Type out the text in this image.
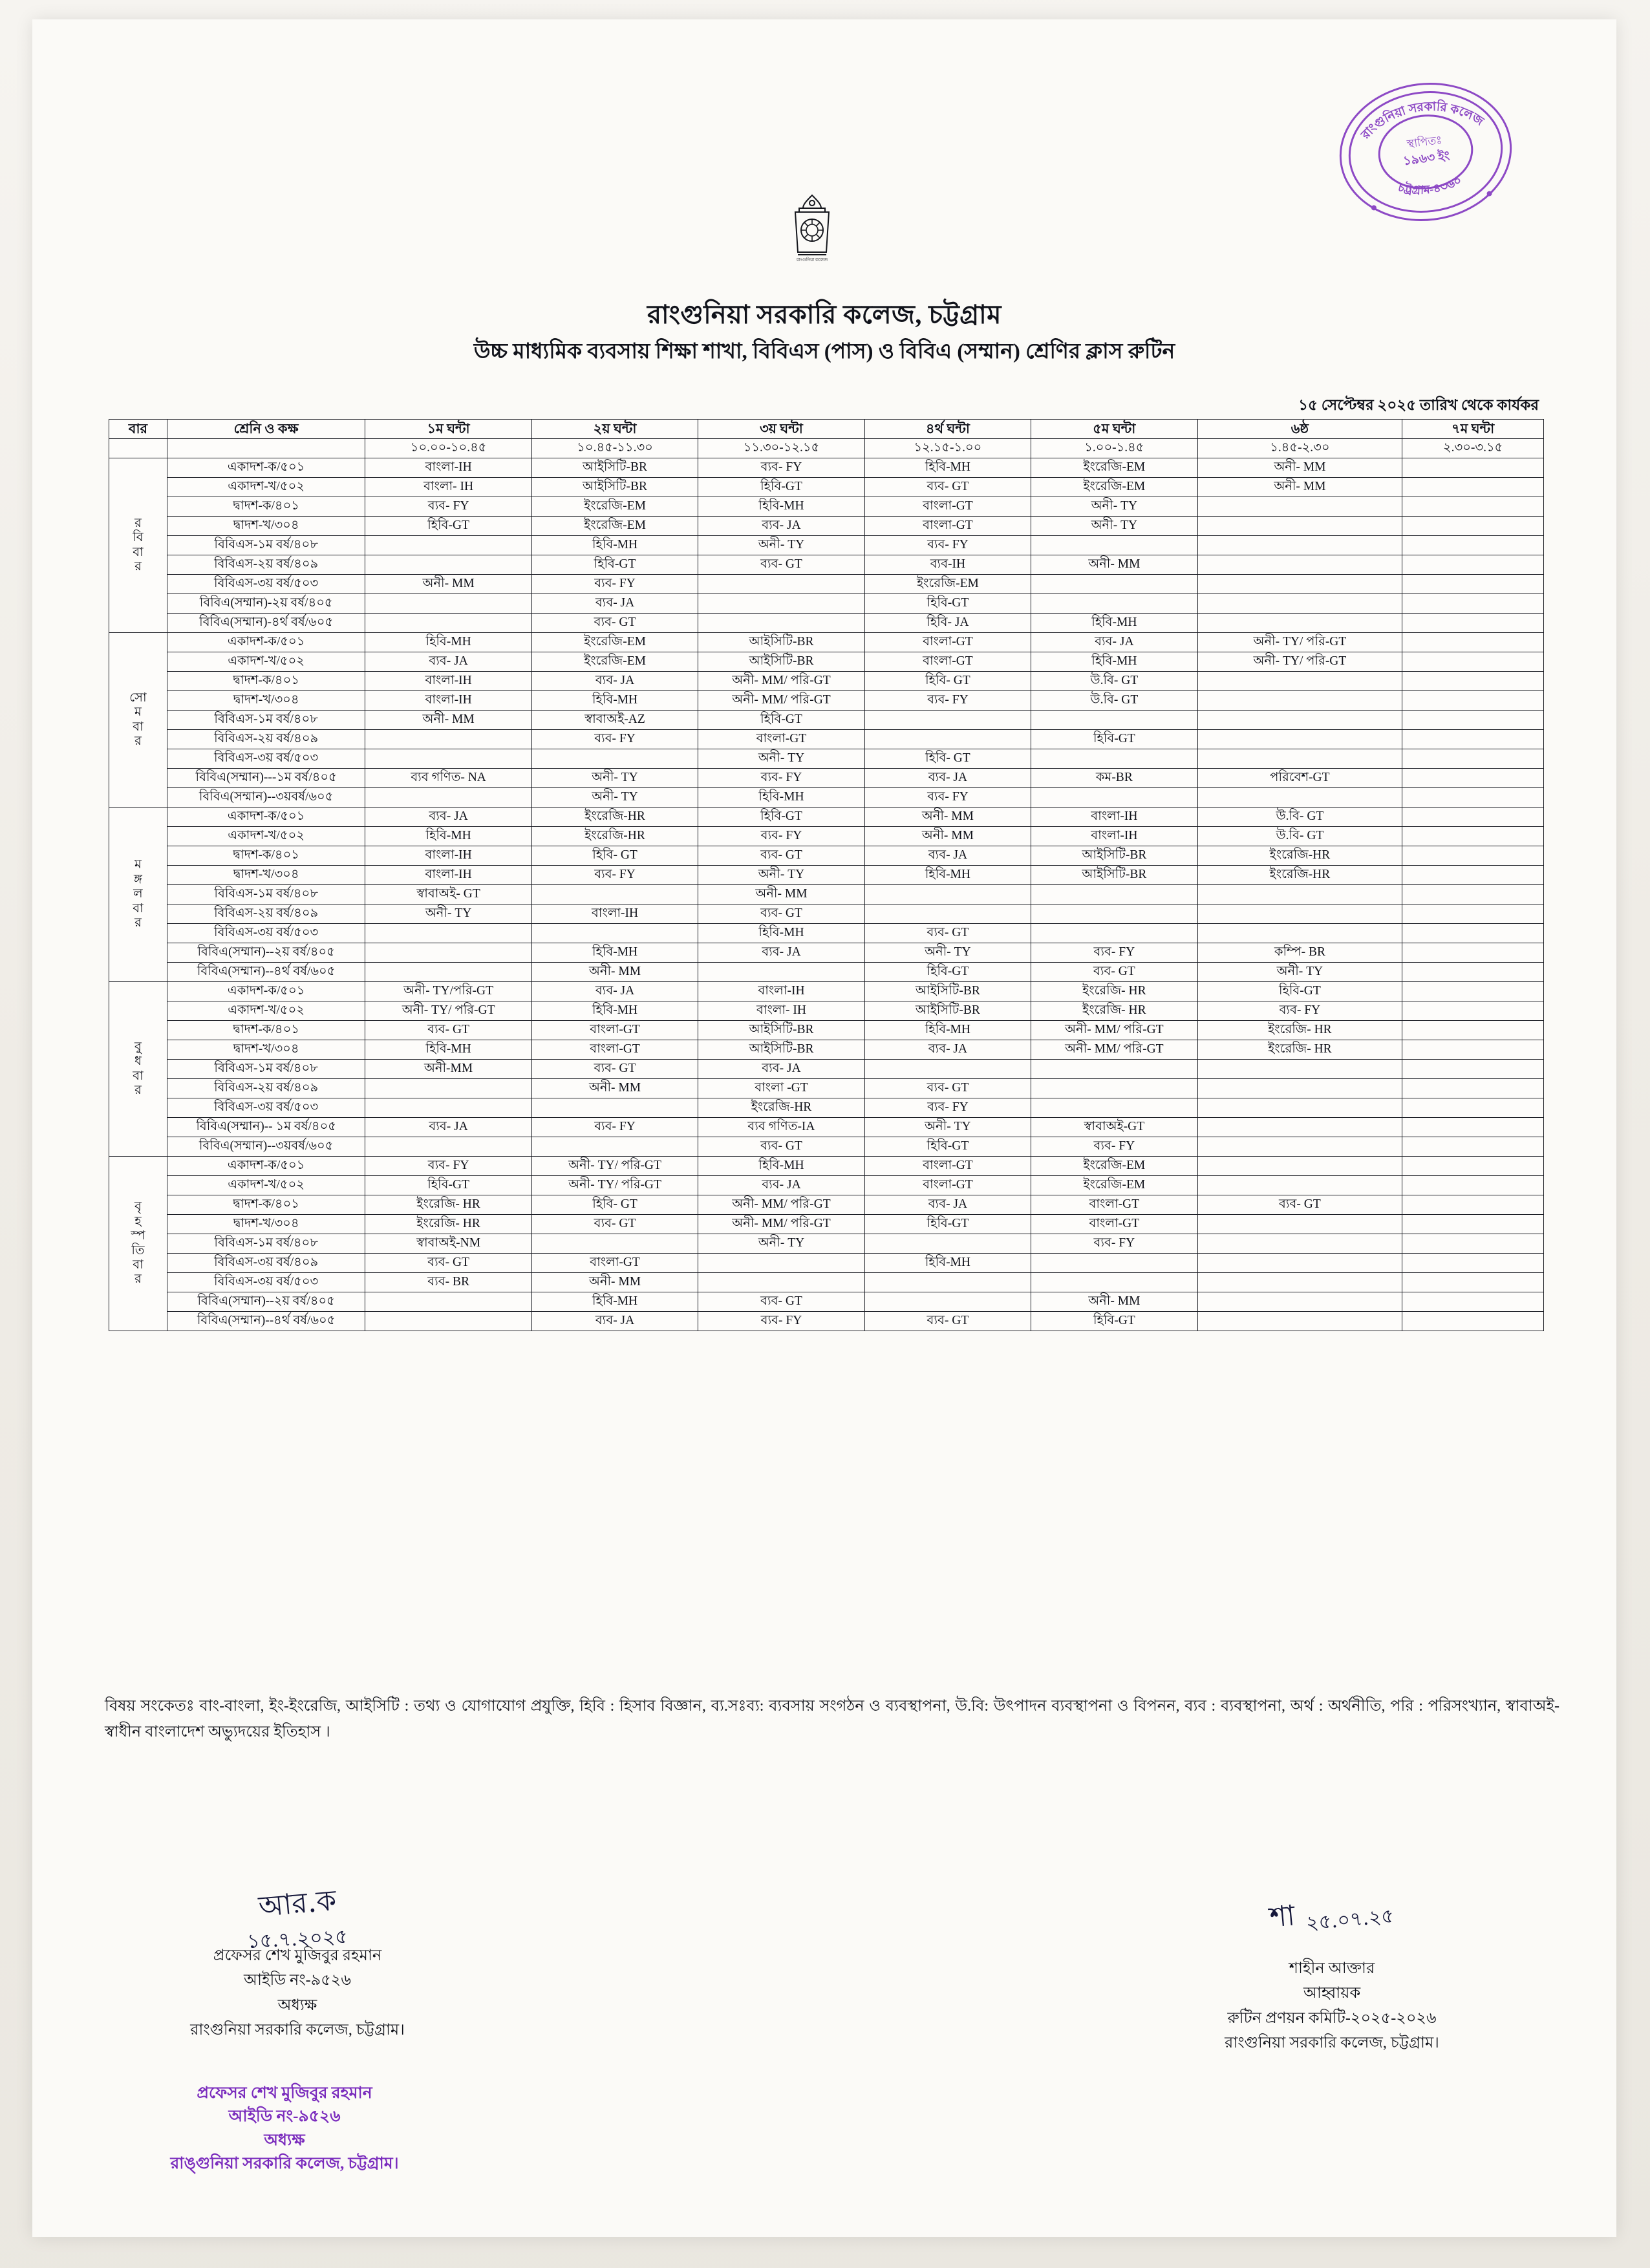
রাংগুনিয়া কলেজ
রাংগুনিয়া সরকারি কলেজ
চট্রগ্রাম-৪৩৬০
স্থাপিতঃ
১৯৬৩ ইং
রাংগুনিয়া সরকারি কলেজ, চট্টগ্রাম
উচ্চ মাধ্যমিক ব্যবসায় শিক্ষা শাখা, বিবিএস (পাস) ও বিবিএ (সম্মান) শ্রেণির ক্লাস রুটিন
১৫ সেপ্টেম্বর ২০২৫ তারিখ থেকে কার্যকর
বার	শ্রেনি ও কক্ষ	১ম ঘন্টা	২য় ঘন্টা	৩য় ঘন্টা	৪র্থ ঘন্টা	৫ম ঘন্টা	৬ষ্ঠ	৭ম ঘন্টা
		১০.০০-১০.৪৫	১০.৪৫-১১.৩০	১১.৩০-১২.১৫	১২.১৫-১.০০	১.০০-১.৪৫	১.৪৫-২.৩০	২.৩০-৩.১৫

র
বি
বা
র	একাদশ-ক/৫০১	বাংলা-IH	আইসিটি-BR	ব্যব- FY	হিবি-MH	ইংরেজি-EM	অনী- MM	
	একাদশ-খ/৫০২	বাংলা- IH	আইসিটি-BR	হিবি-GT	ব্যব- GT	ইংরেজি-EM	অনী- MM	
	দ্বাদশ-ক/৪০১	ব্যব- FY	ইংরেজি-EM	হিবি-MH	বাংলা-GT	অনী- TY		
	দ্বাদশ-খ/৩০৪	হিবি-GT	ইংরেজি-EM	ব্যব- JA	বাংলা-GT	অনী- TY		
	বিবিএস-১ম বর্ষ/৪০৮		হিবি-MH	অনী- TY	ব্যব- FY			
	বিবিএস-২য় বর্ষ/৪০৯		হিবি-GT	ব্যব- GT	ব্যব-IH	অনী- MM		
	বিবিএস-৩য় বর্ষ/৫০৩	অনী- MM	ব্যব- FY		ইংরেজি-EM			
	বিবিএ(সম্মান)-২য় বর্ষ/৪০৫		ব্যব- JA		হিবি-GT			
	বিবিএ(সম্মান)-৪র্থ বর্ষ/৬০৫		ব্যব- GT		হিবি- JA	হিবি-MH		

সো
ম
বা
র	একাদশ-ক/৫০১	হিবি-MH	ইংরেজি-EM	আইসিটি-BR	বাংলা-GT	ব্যব- JA	অনী- TY/ পরি-GT	
	একাদশ-খ/৫০২	ব্যব- JA	ইংরেজি-EM	আইসিটি-BR	বাংলা-GT	হিবি-MH	অনী- TY/ পরি-GT	
	দ্বাদশ-ক/৪০১	বাংলা-IH	ব্যব- JA	অনী- MM/ পরি-GT	হিবি- GT	উ.বি- GT		
	দ্বাদশ-খ/৩০৪	বাংলা-IH	হিবি-MH	অনী- MM/ পরি-GT	ব্যব- FY	উ.বি- GT		
	বিবিএস-১ম বর্ষ/৪০৮	অনী- MM	স্বাবাঅই-AZ	হিবি-GT				
	বিবিএস-২য় বর্ষ/৪০৯		ব্যব- FY	বাংলা-GT		হিবি-GT		
	বিবিএস-৩য় বর্ষ/৫০৩			অনী- TY	হিবি- GT			
	বিবিএ(সম্মান)---১ম বর্ষ/৪০৫	ব্যব গণিত- NA	অনী- TY	ব্যব- FY	ব্যব- JA	কম-BR	পরিবেশ-GT	
	বিবিএ(সম্মান)--৩য়বর্ষ/৬০৫		অনী- TY	হিবি-MH	ব্যব- FY			

ম
ঙ্গ
ল
বা
র	একাদশ-ক/৫০১	ব্যব- JA	ইংরেজি-HR	হিবি-GT	অনী- MM	বাংলা-IH	উ.বি- GT	
	একাদশ-খ/৫০২	হিবি-MH	ইংরেজি-HR	ব্যব- FY	অনী- MM	বাংলা-IH	উ.বি- GT	
	দ্বাদশ-ক/৪০১	বাংলা-IH	হিবি- GT	ব্যব- GT	ব্যব- JA	আইসিটি-BR	ইংরেজি-HR	
	দ্বাদশ-খ/৩০৪	বাংলা-IH	ব্যব- FY	অনী- TY	হিবি-MH	আইসিটি-BR	ইংরেজি-HR	
	বিবিএস-১ম বর্ষ/৪০৮	স্বাবাঅই- GT		অনী- MM				
	বিবিএস-২য় বর্ষ/৪০৯	অনী- TY	বাংলা-IH	ব্যব- GT				
	বিবিএস-৩য় বর্ষ/৫০৩			হিবি-MH	ব্যব- GT			
	বিবিএ(সম্মান)--২য় বর্ষ/৪০৫		হিবি-MH	ব্যব- JA	অনী- TY	ব্যব- FY	কম্পি- BR	
	বিবিএ(সম্মান)--৪র্থ বর্ষ/৬০৫		অনী- MM		হিবি-GT	ব্যব- GT	অনী- TY	

বু
ধ
বা
র	একাদশ-ক/৫০১	অনী- TY/পরি-GT	ব্যব- JA	বাংলা-IH	আইসিটি-BR	ইংরেজি- HR	হিবি-GT	
	একাদশ-খ/৫০২	অনী- TY/ পরি-GT	হিবি-MH	বাংলা- IH	আইসিটি-BR	ইংরেজি- HR	ব্যব- FY	
	দ্বাদশ-ক/৪০১	ব্যব- GT	বাংলা-GT	আইসিটি-BR	হিবি-MH	অনী- MM/ পরি-GT	ইংরেজি- HR	
	দ্বাদশ-খ/৩০৪	হিবি-MH	বাংলা-GT	আইসিটি-BR	ব্যব- JA	অনী- MM/ পরি-GT	ইংরেজি- HR	
	বিবিএস-১ম বর্ষ/৪০৮	অনী-MM	ব্যব- GT	ব্যব- JA				
	বিবিএস-২য় বর্ষ/৪০৯		অনী- MM	বাংলা -GT	ব্যব- GT			
	বিবিএস-৩য় বর্ষ/৫০৩			ইংরেজি-HR	ব্যব- FY			
	বিবিএ(সম্মান)-- ১ম বর্ষ/৪০৫	ব্যব- JA	ব্যব- FY	ব্যব গণিত-IA	অনী- TY	স্বাবাঅই-GT		
	বিবিএ(সম্মান)--৩য়বর্ষ/৬০৫			ব্যব- GT	হিবি-GT	ব্যব- FY		

বৃ
হ
স্প
তি
বা
র
	একাদশ-ক/৫০১	ব্যব- FY	অনী- TY/ পরি-GT	হিবি-MH	বাংলা-GT	ইংরেজি-EM		
	একাদশ-খ/৫০২	হিবি-GT	অনী- TY/ পরি-GT	ব্যব- JA	বাংলা-GT	ইংরেজি-EM		
	দ্বাদশ-ক/৪০১	ইংরেজি- HR	হিবি- GT	অনী- MM/ পরি-GT	ব্যব- JA	বাংলা-GT	ব্যব- GT	
	দ্বাদশ-খ/৩০৪	ইংরেজি- HR	ব্যব- GT	অনী- MM/ পরি-GT	হিবি-GT	বাংলা-GT		
	বিবিএস-১ম বর্ষ/৪০৮	স্বাবাঅই-NM		অনী- TY		ব্যব- FY		
	বিবিএস-৩য় বর্ষ/৪০৯	ব্যব- GT	বাংলা-GT		হিবি-MH			
	বিবিএস-৩য় বর্ষ/৫০৩	ব্যব- BR	অনী- MM					
	বিবিএ(সম্মান)--২য় বর্ষ/৪০৫		হিবি-MH	ব্যব- GT		অনী- MM		
	বিবিএ(সম্মান)--৪র্থ বর্ষ/৬০৫		ব্যব- JA	ব্যব- FY	ব্যব- GT	হিবি-GT		
বিষয় সংকেতঃ বাং-বাংলা, ইং-ইংরেজি, আইসিটি : তথ্য ও যোগাযোগ প্রযুক্তি, হিবি : হিসাব বিজ্ঞান, ব্য.সঃব্য: ব্যবসায় সংগঠন ও ব্যবস্থাপনা, উ.বি: উৎপাদন ব্যবস্থাপনা ও বিপনন, ব্যব : ব্যবস্থাপনা, অর্থ : অর্থনীতি, পরি : পরিসংখ্যান, স্বাবাঅই- স্বাধীন বাংলাদেশ অভ্যুদয়ের ইতিহাস ।
আর.ক
১৫.৭.২০২৫
প্রফেসর শেখ মুজিবুর রহমান
আইডি নং-৯৫২৬
অধ্যক্ষ
রাংগুনিয়া সরকারি কলেজ, চট্টগ্রাম।
শা ২৫.০৭.২৫
শাহীন আক্তার
আহ্বায়ক
রুটিন প্রণয়ন কমিটি-২০২৫-২০২৬
রাংগুনিয়া সরকারি কলেজ, চট্টগ্রাম।
প্রফেসর শেখ মুজিবুর রহমান
আইডি নং-৯৫২৬
অধ্যক্ষ
রাঙ্গুনিয়া সরকারি কলেজ, চট্টগ্রাম।
